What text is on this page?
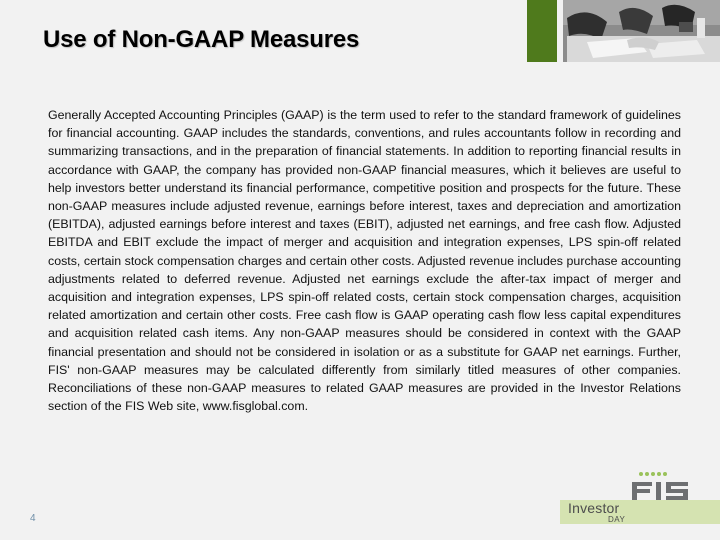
Use of Non-GAAP Measures

Generally Accepted Accounting Principles (GAAP) is the term used to refer to the standard framework of guidelines for financial accounting. GAAP includes the standards, conventions, and rules accountants follow in recording and summarizing transactions, and in the preparation of financial statements. In addition to reporting financial results in accordance with GAAP, the company has provided non-GAAP financial measures, which it believes are useful to help investors better understand its financial performance, competitive position and prospects for the future. These non-GAAP measures include adjusted revenue, earnings before interest, taxes and depreciation and amortization (EBITDA), adjusted earnings before interest and taxes (EBIT), adjusted net earnings, and free cash flow. Adjusted EBITDA and EBIT exclude the impact of merger and acquisition and integration expenses, LPS spin-off related costs, certain stock compensation charges and certain other costs. Adjusted revenue includes purchase accounting adjustments related to deferred revenue. Adjusted net earnings exclude the after-tax impact of merger and acquisition and integration expenses, LPS spin-off related costs, certain stock compensation charges, acquisition related amortization and certain other costs. Free cash flow is GAAP operating cash flow less capital expenditures and acquisition related cash items. Any non-GAAP measures should be considered in context with the GAAP financial presentation and should not be considered in isolation or as a substitute for GAAP net earnings. Further, FIS' non-GAAP measures may be calculated differently from similarly titled measures of other companies. Reconciliations of these non-GAAP measures to related GAAP measures are provided in the Investor Relations section of the FIS Web site, www.fisglobal.com.

4
Investor
DAY
